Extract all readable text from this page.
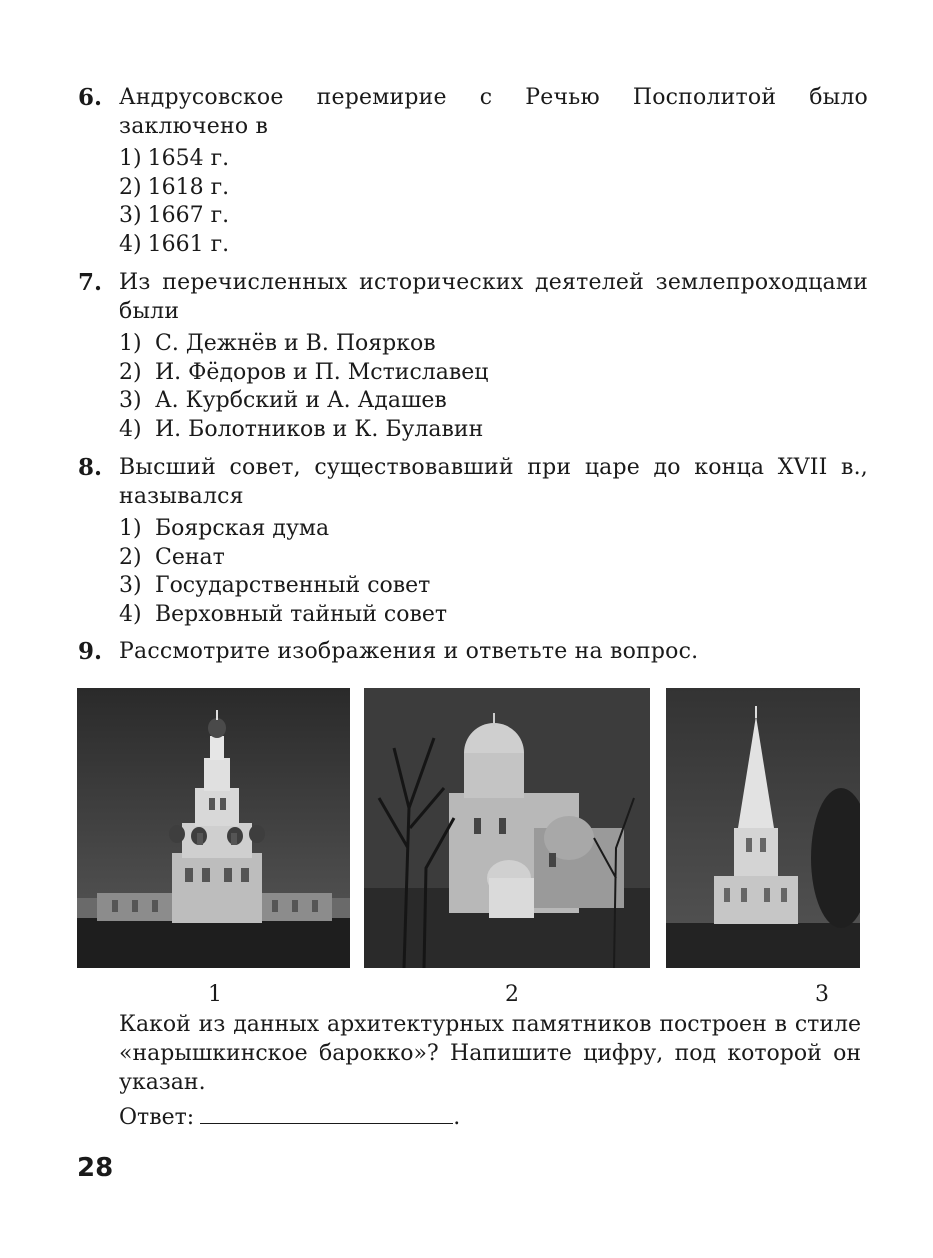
6. Андрусовское перемирие с Речью Посполитой было заключено в
1) 1654 г.
2) 1618 г.
3) 1667 г.
4) 1661 г.
7. Из перечисленных исторических деятелей землепроходцами были
1) С. Дежнёв и В. Поярков
2) И. Фёдоров и П. Мстиславец
3) А. Курбский и А. Адашев
4) И. Болотников и К. Булавин
8. Высший совет, существовавший при царе до конца XVII в., назывался
1) Боярская дума
2) Сенат
3) Государственный совет
4) Верховный тайный совет
9. Рассмотрите изображения и ответьте на вопрос.
1	2	3
Какой из данных архитектурных памятников построен в стиле «нарышкинское барокко»? Напишите цифру, под которой он указан.
Ответ:	.
28
